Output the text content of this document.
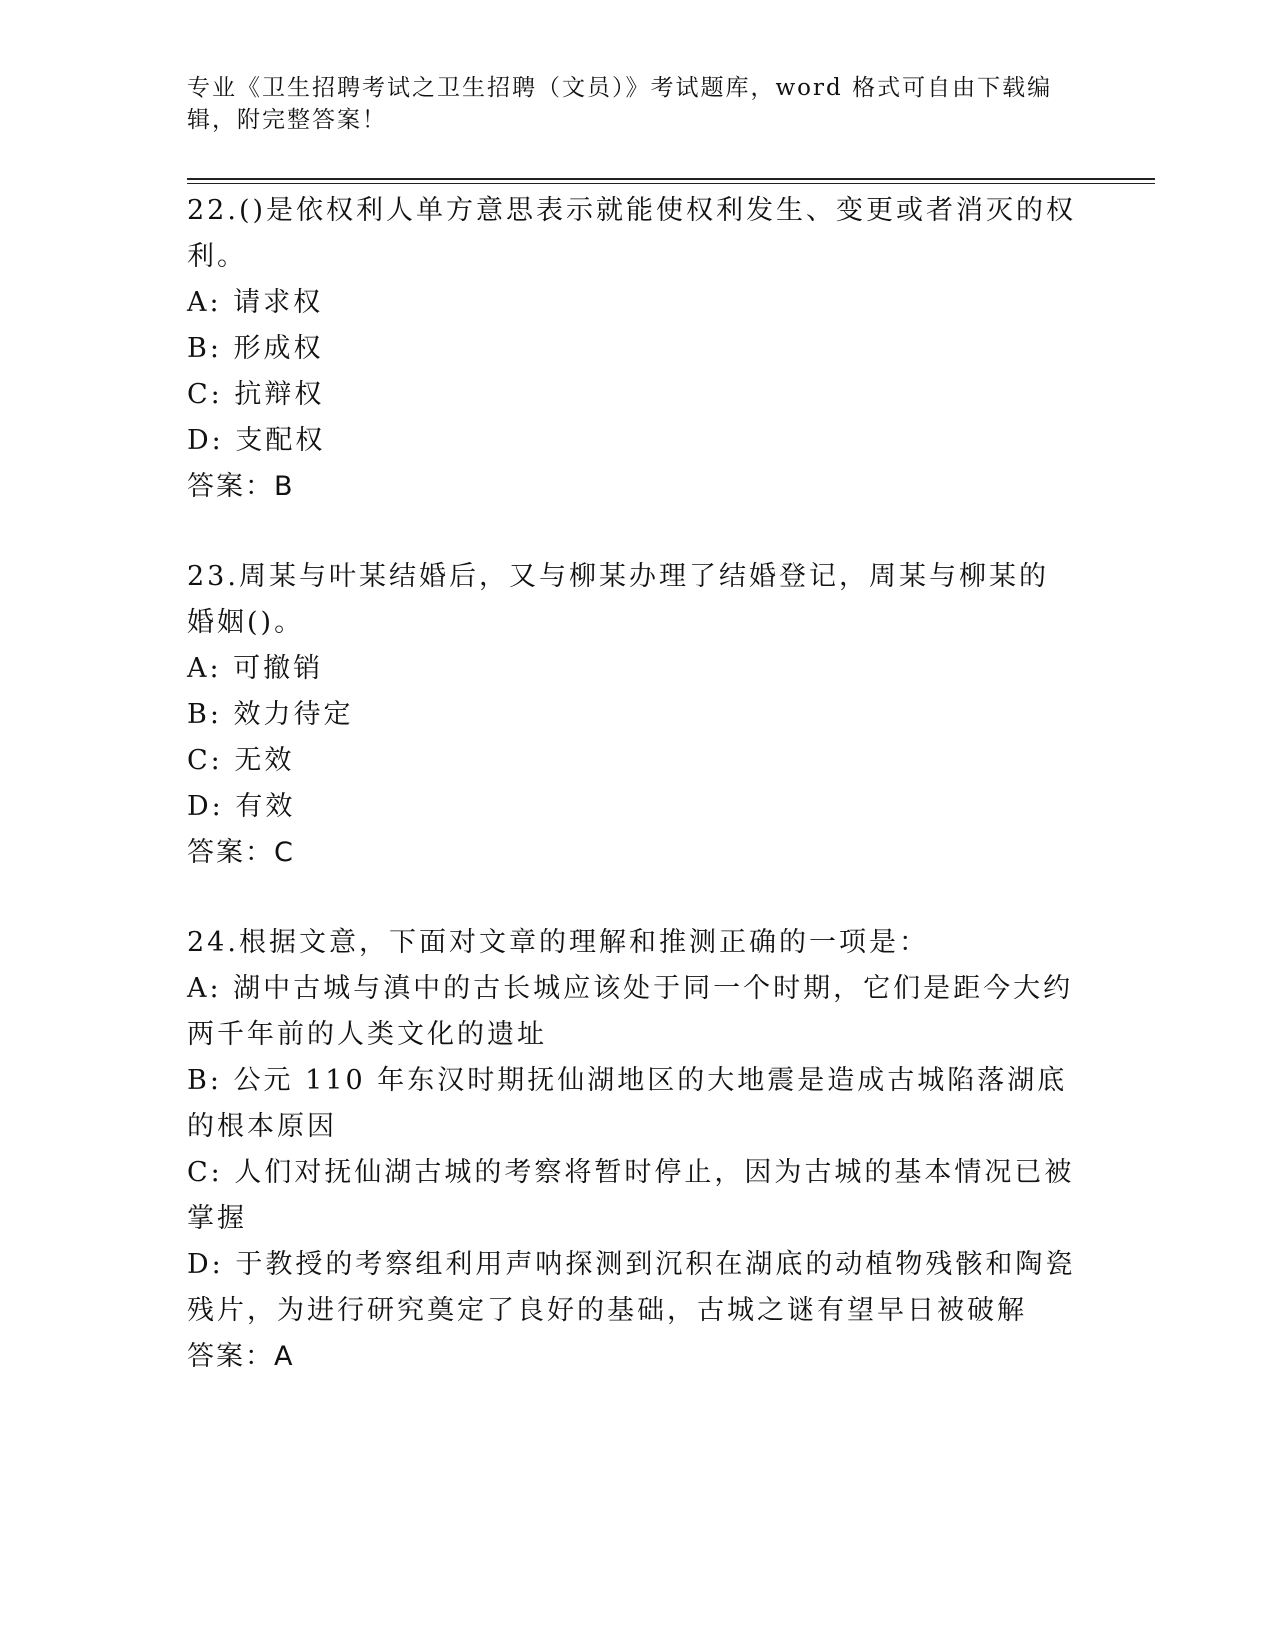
专业《卫生招聘考试之卫生招聘（文员）》考试题库，word 格式可自由下载编辑，附完整答案！
22.()是依权利人单方意思表示就能使权利发生、变更或者消灭的权利。
A: 请求权
B: 形成权
C: 抗辩权
D: 支配权
答案：B
23.周某与叶某结婚后，又与柳某办理了结婚登记，周某与柳某的婚姻()。
A: 可撤销
B: 效力待定
C: 无效
D: 有效
答案：C
24.根据文意，下面对文章的理解和推测正确的一项是：
A: 湖中古城与滇中的古长城应该处于同一个时期，它们是距今大约两千年前的人类文化的遗址
B: 公元 110 年东汉时期抚仙湖地区的大地震是造成古城陷落湖底的根本原因
C: 人们对抚仙湖古城的考察将暂时停止，因为古城的基本情况已被掌握
D: 于教授的考察组利用声呐探测到沉积在湖底的动植物残骸和陶瓷残片，为进行研究奠定了良好的基础，古城之谜有望早日被破解
答案：A
